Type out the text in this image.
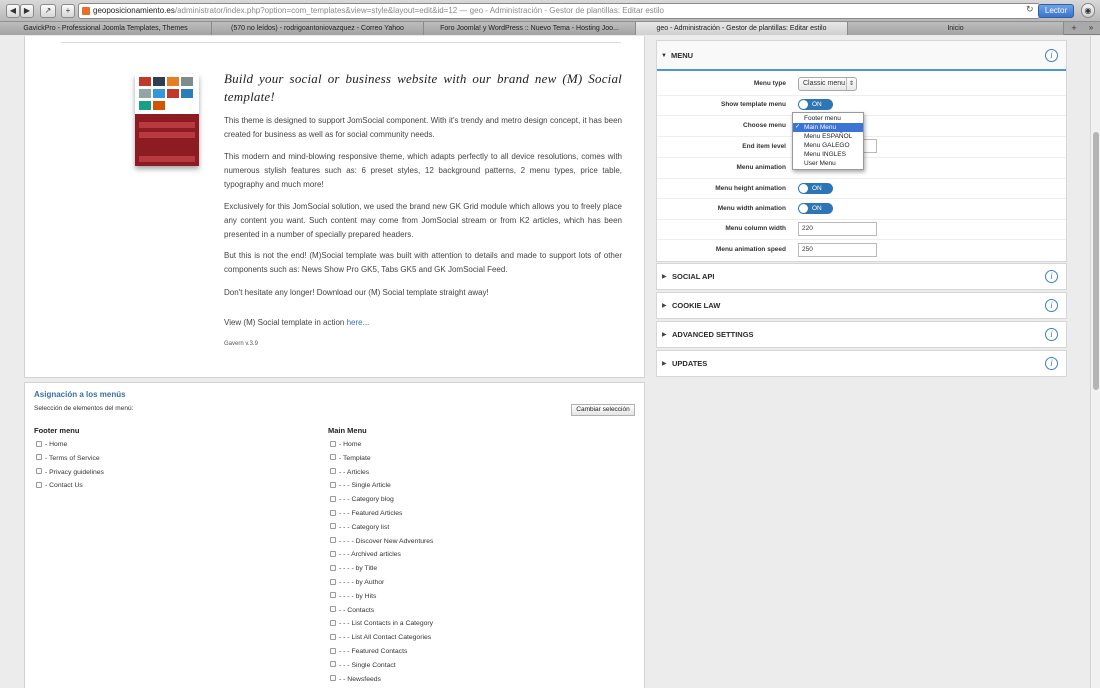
◀ ▶	↗	+	geoposicionamiento.es/administrator/index.php?option=com_templates&view=style&layout=edit&id=12 — geo - Administración - Gestor de plantillas: Editar estilo	↻	Lector	◉
GavickPro - Professional Joomla Templates, Themes	(570 no leídos) - rodrigoantoniovazquez - Correo Yahoo	Foro Joomla! y WordPress :: Nuevo Tema - Hosting Joo...	geo - Administración - Gestor de plantillas: Editar estilo	Inicio	+	»
Build your social or business website with our brand new (M) Social template!

This theme is designed to support JomSocial component. With it's trendy and metro design concept, it has been created for business as well as for social community needs.

This modern and mind-blowing responsive theme, which adapts perfectly to all device resolutions, comes with numerous stylish features such as: 6 preset styles, 12 background patterns, 2 menu types, price table, typography and much more!

Exclusively for this JomSocial solution, we used the brand new GK Grid module which allows you to freely place any content you want. Such content may come from JomSocial stream or from K2 articles, which has been presented in a number of specially prepared headers.

But this is not the end! (M)Social template was built with attention to details and made to support lots of other components such as: News Show Pro GK5, Tabs GK5 and GK JomSocial Feed.

Don't hesitate any longer! Download our (M) Social template straight away!

View (M) Social template in action here...

Gavern v.3.9
▼ MENU	i
Menu type	Classic menu ⇕
Show template menu	ON
Choose menu
End item level
Menu animation
Menu height animation	ON
Menu width animation	ON
Menu column width	220
Menu animation speed	250
Footer menu
✓ Main Menu
Menu ESPAÑOL
Menu GALEGO
Menu INGLES
User Menu
▶ SOCIAL API	i
▶ COOKIE LAW	i
▶ ADVANCED SETTINGS	i
▶ UPDATES	i
Asignación a los menús
Selección de elementos del menú:	Cambiar selección
Footer menu
- Home
- Terms of Service
- Privacy guidelines
- Contact Us
Main Menu
- Home
- Template
- - Articles
- - - Single Article
- - - Category blog
- - - Featured Articles
- - - Category list
- - - - Discover New Adventures
- - - Archived articles
- - - - by Title
- - - - by Author
- - - - by Hits
- - Contacts
- - - List Contacts in a Category
- - - List All Contact Categories
- - - Featured Contacts
- - - Single Contact
- - Newsfeeds
